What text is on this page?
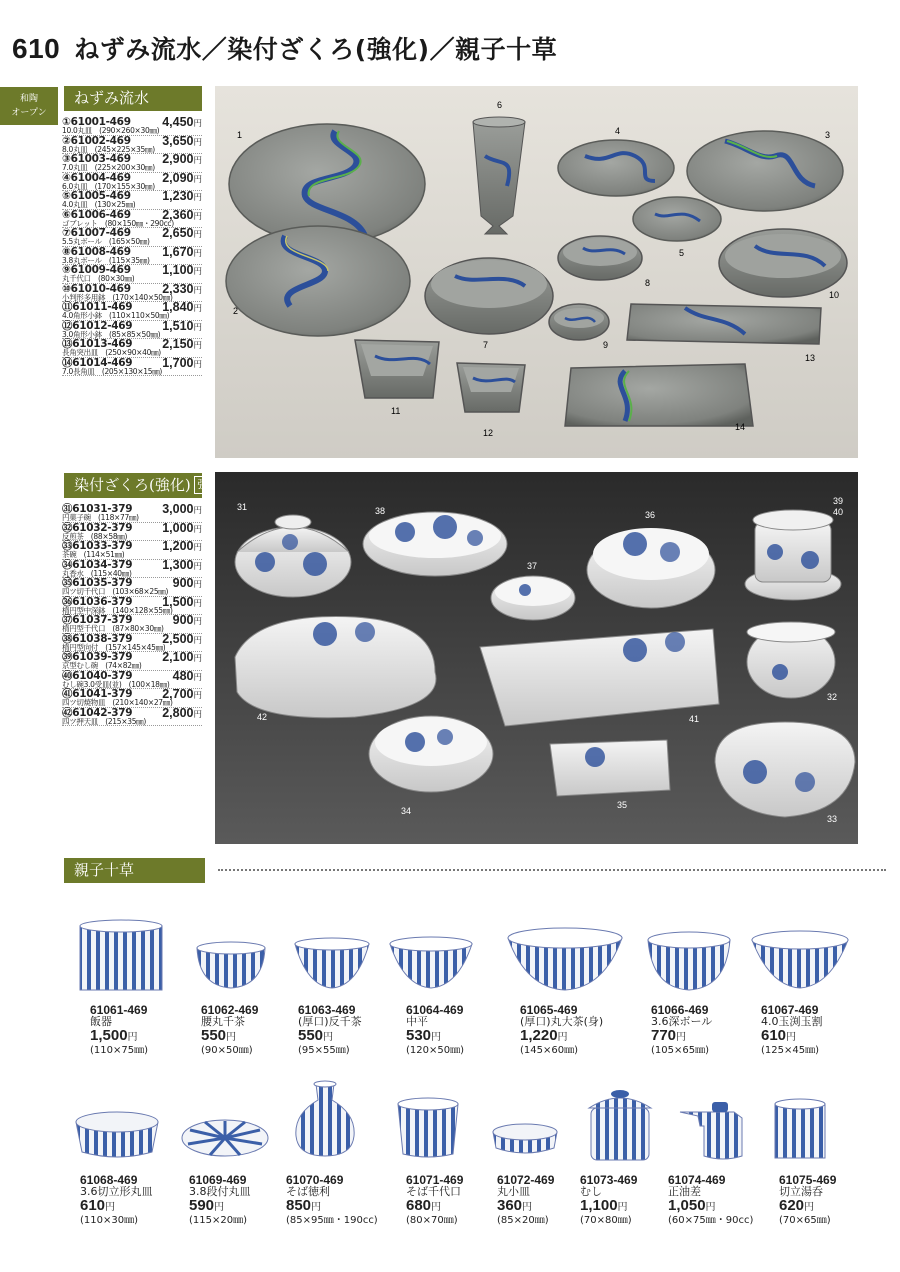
610 ねずみ流水／染付ざくろ(強化)／親子十草
和陶
オープン
ねずみ流水
①61001-469	4,450円
10.0丸皿　(290×260×30㎜)
②61002-469	3,650円
8.0丸皿　(245×225×35㎜)
③61003-469	2,900円
7.0丸皿　(225×200×30㎜)
④61004-469	2,090円
6.0丸皿　(170×155×30㎜)
⑤61005-469	1,230円
4.0丸皿　(130×25㎜)
⑥61006-469	2,360円
ゴブレット　(80×150㎜・290cc)
⑦61007-469	2,650円
5.5丸ボール　(165×50㎜)
⑧61008-469	1,670円
3.8丸ボール　(115×35㎜)
⑨61009-469	1,100円
丸千代口　(80×30㎜)
⑩61010-469	2,330円
小判形多用鉢　(170×140×50㎜)
⑪61011-469 1,840円
4.0角形小鉢　(110×110×50㎜)
⑫61012-469 1,510円
3.0角形小鉢　(85×85×50㎜)
⑬61013-469 2,150円
長角突出皿　(250×90×40㎜)
⑭61014-469 1,700円
7.0長角皿　(205×130×15㎜)
1
2
3
4
5
6
7
8
9
10
11
12
13
14
染付ざくろ(強化) 強
㉛61031-379 3,000円
円菓子碗　(118×77㎜)
㉜61032-379 1,000円
反煎茶　(88×58㎜)
㉝61033-379 1,200円
茶碗　(114×51㎜)
㉞61034-379 1,300円
丸香水　(115×40㎜)
㉟61035-379	900円
四ツ切千代口　(103×68×25㎜)
㊱61036-379 1,500円
楕円型中深鉢　(140×128×55㎜)
㊲61037-379	900円
楕円型千代口　(87×80×30㎜)
㊳61038-379 2,500円
楕円型向付　(157×145×45㎜)
㊴61039-379 2,100円
京型むし碗　(74×82㎜)
㊵61040-379	480円
むし碗3.0受皿(並)　(100×18㎜)
㊶61041-379 2,700円
四ツ切焼物皿　(210×140×27㎜)
㊷61042-379 2,800円
四ツ押天皿　(215×35㎜)
31
32
33
34
35
36
37
38
39
40
41
42
親子十草
61061-469
飯器
1,500円
(110×75㎜)
61062-469
腰丸千茶
550円
(90×50㎜)
61063-469
(厚口)反千茶
550円
(95×55㎜)
61064-469
中平
530円
(120×50㎜)
61065-469
(厚口)丸大茶(身)
1,220円
(145×60㎜)
61066-469
3.6深ボール
770円
(105×65㎜)
61067-469
4.0玉渕玉割
610円
(125×45㎜)
61068-469
3.6切立形丸皿
610円
(110×30㎜)
61069-469
3.8段付丸皿
590円
(115×20㎜)
61070-469
そば徳利
850円
(85×95㎜・190cc)
61071-469
そば千代口
680円
(80×70㎜)
61072-469
丸小皿
360円
(85×20㎜)
61073-469
むし
1,100円
(70×80㎜)
61074-469
正油差
1,050円
(60×75㎜・90cc)
61075-469
切立湯呑
620円
(70×65㎜)
